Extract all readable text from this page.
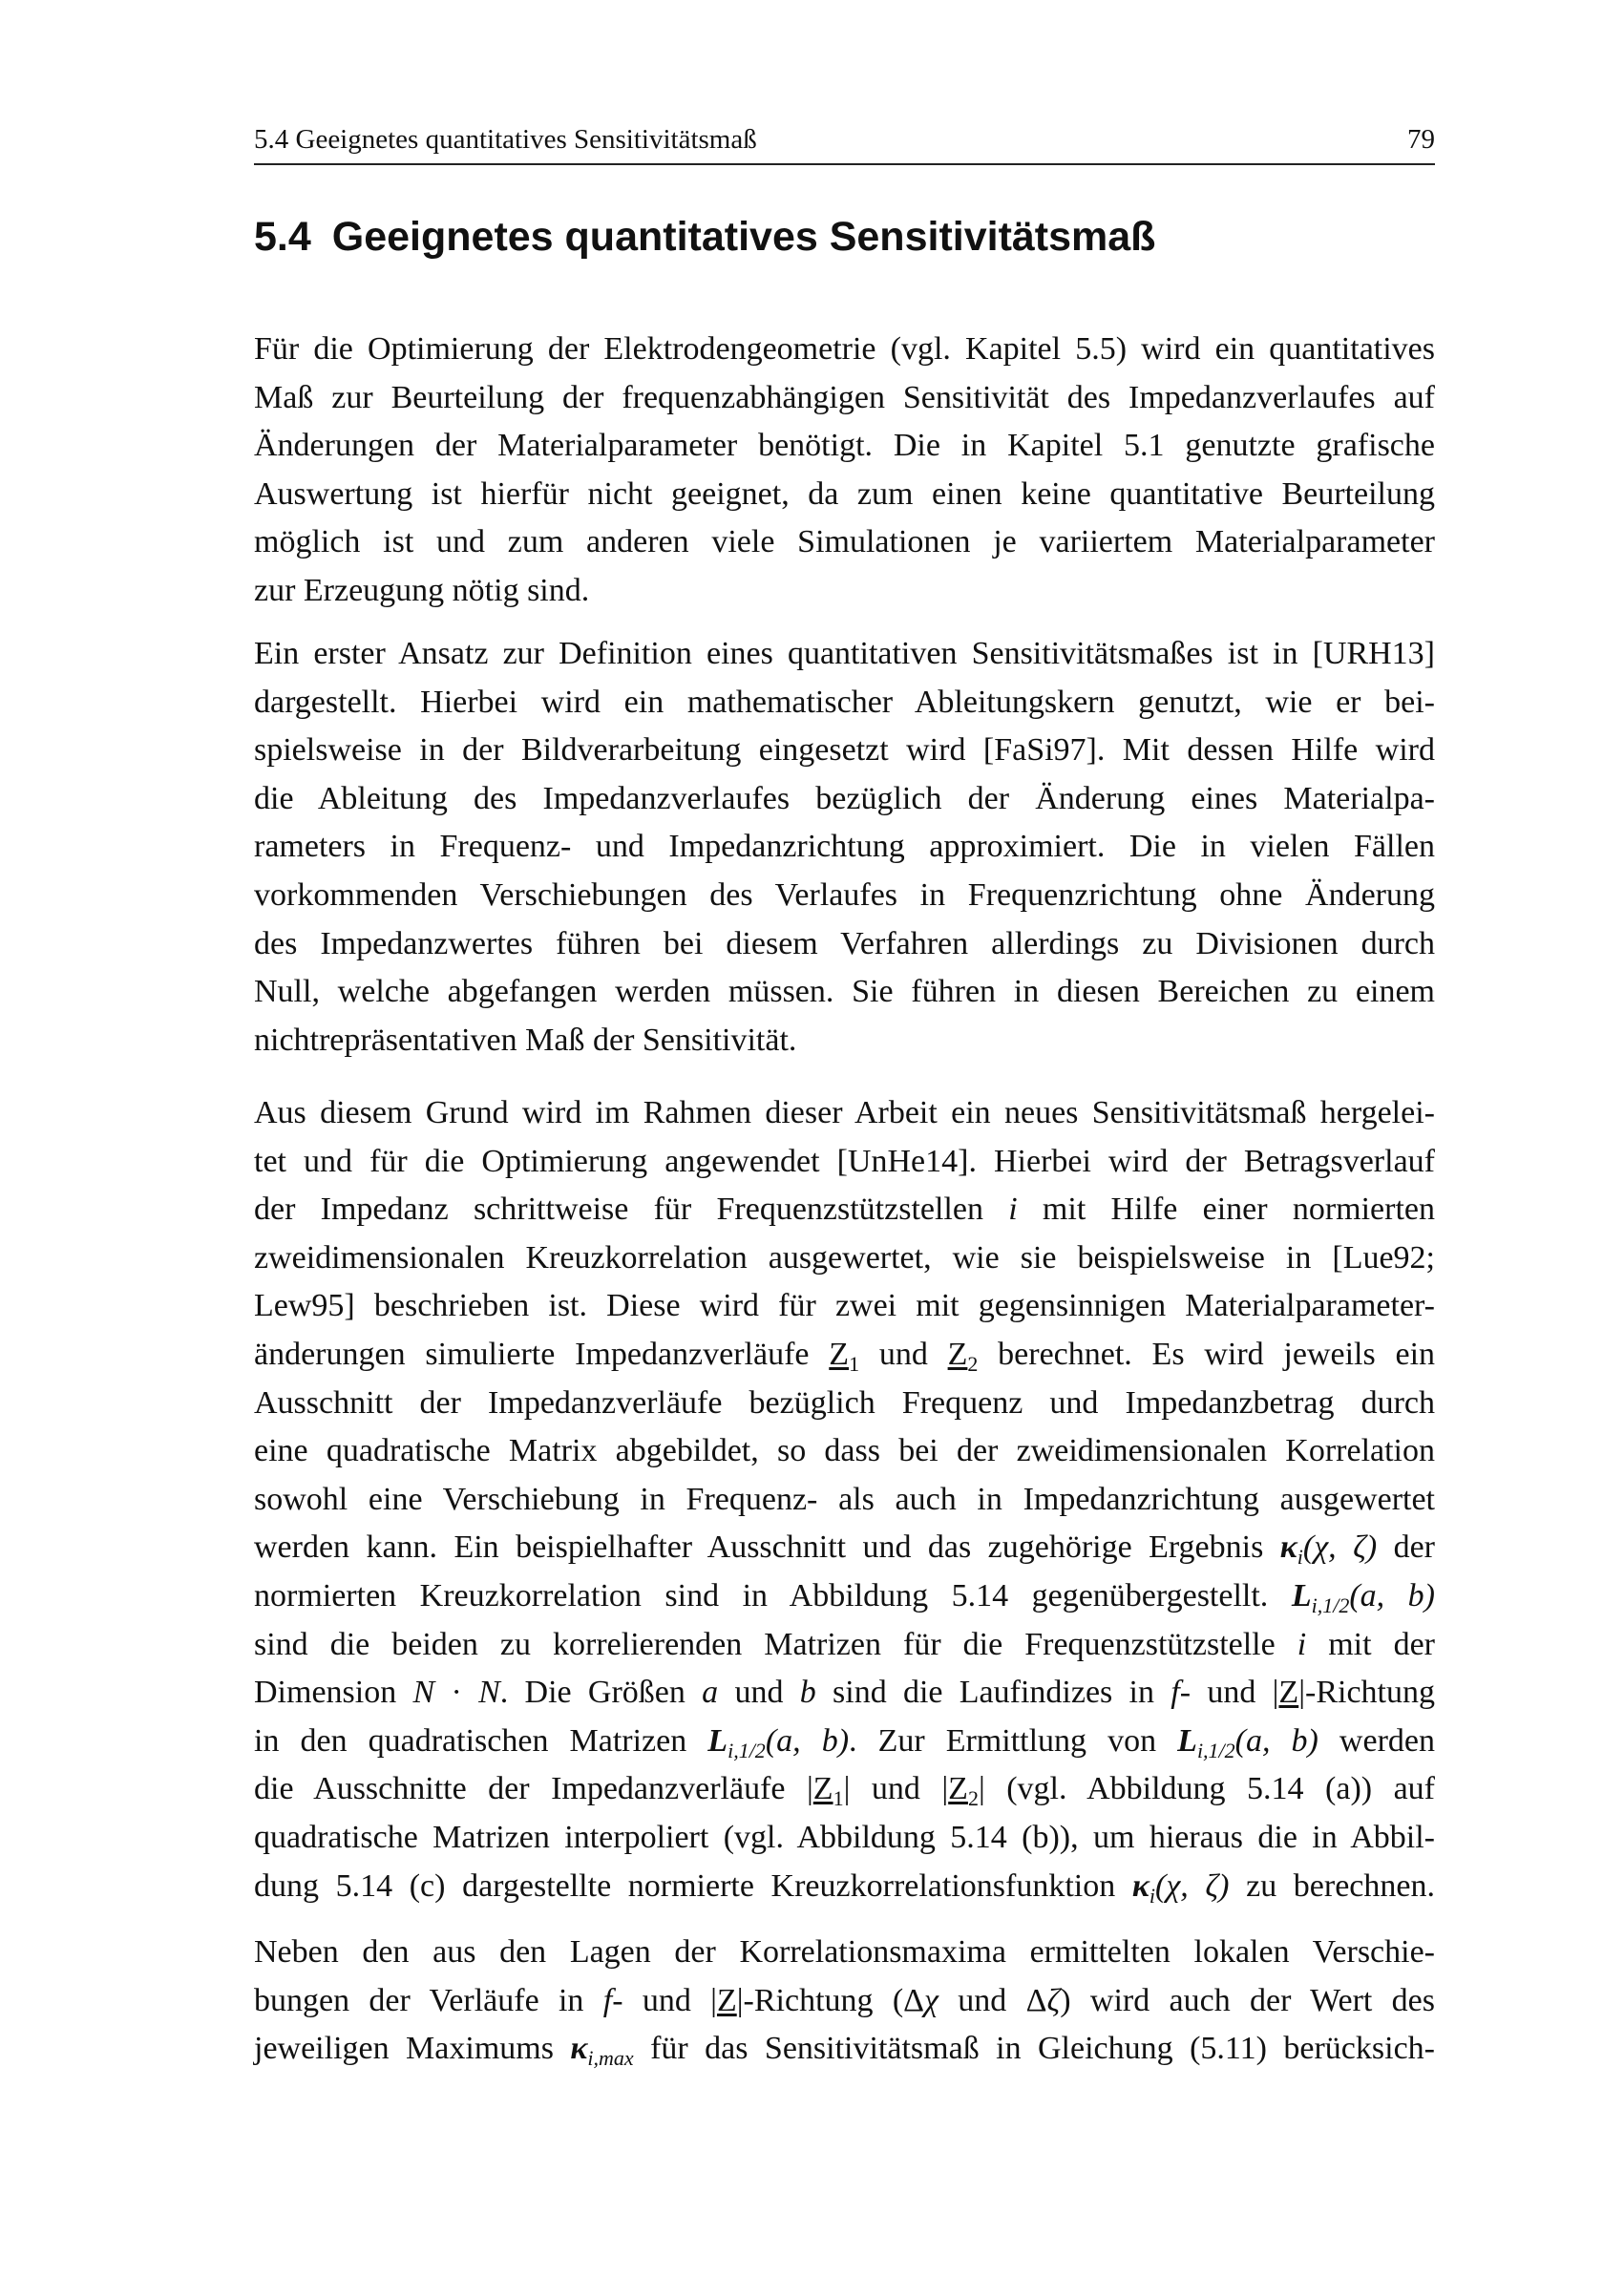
5.4 Geeignetes quantitatives Sensitivitätsmaß	79
5.4 Geeignetes quantitatives Sensitivitätsmaß
Für die Optimierung der Elektrodengeometrie (vgl. Kapitel 5.5) wird ein quantitatives
Maß zur Beurteilung der frequenzabhängigen Sensitivität des Impedanzverlaufes auf
Änderungen der Materialparameter benötigt. Die in Kapitel 5.1 genutzte grafische
Auswertung ist hierfür nicht geeignet, da zum einen keine quantitative Beurteilung
möglich ist und zum anderen viele Simulationen je variiertem Materialparameter
zur Erzeugung nötig sind.
Ein erster Ansatz zur Definition eines quantitativen Sensitivitätsmaßes ist in [URH13]
dargestellt. Hierbei wird ein mathematischer Ableitungskern genutzt, wie er bei-
spielsweise in der Bildverarbeitung eingesetzt wird [FaSi97]. Mit dessen Hilfe wird
die Ableitung des Impedanzverlaufes bezüglich der Änderung eines Materialpa-
rameters in Frequenz- und Impedanzrichtung approximiert. Die in vielen Fällen
vorkommenden Verschiebungen des Verlaufes in Frequenzrichtung ohne Änderung
des Impedanzwertes führen bei diesem Verfahren allerdings zu Divisionen durch
Null, welche abgefangen werden müssen. Sie führen in diesen Bereichen zu einem
nichtrepräsentativen Maß der Sensitivität.
Aus diesem Grund wird im Rahmen dieser Arbeit ein neues Sensitivitätsmaß hergelei-
tet und für die Optimierung angewendet [UnHe14]. Hierbei wird der Betragsverlauf
der Impedanz schrittweise für Frequenzstützstellen i mit Hilfe einer normierten
zweidimensionalen Kreuzkorrelation ausgewertet, wie sie beispielsweise in [Lue92;
Lew95] beschrieben ist. Diese wird für zwei mit gegensinnigen Materialparameter-
änderungen simulierte Impedanzverläufe $Z_1$ und $Z_2$ berechnet. Es wird jeweils ein
Ausschnitt der Impedanzverläufe bezüglich Frequenz und Impedanzbetrag durch
eine quadratische Matrix abgebildet, so dass bei der zweidimensionalen Korrelation
sowohl eine Verschiebung in Frequenz- als auch in Impedanzrichtung ausgewertet
werden kann. Ein beispielhafter Ausschnitt und das zugehörige Ergebnis $\kappa_i(\chi$, ζ) der
normierten Kreuzkorrelation sind in Abbildung 5.14 gegenübergestellt. $L_{i,1/2}(a$, b)
sind die beiden zu korrelierenden Matrizen für die Frequenzstützstelle i mit der
Dimension N · N. Die Größen a und b sind die Laufindizes in f- und |Z|-Richtung
in den quadratischen Matrizen $L_{i,1/2}(a$, b). Zur Ermittlung von $L_{i,1/2}(a$, b) werden
die Ausschnitte der Impedanzverläufe $|Z_1|$ und $|Z_2|$ (vgl. Abbildung 5.14 (a)) auf
quadratische Matrizen interpoliert (vgl. Abbildung 5.14 (b)), um hieraus die in Abbil-
dung 5.14 (c) dargestellte normierte Kreuzkorrelationsfunktion $\kappa_i(\chi$, ζ) zu berechnen.
Neben den aus den Lagen der Korrelationsmaxima ermittelten lokalen Verschie-
bungen der Verläufe in f- und |Z|-Richtung (Δχ und Δζ) wird auch der Wert des
jeweiligen Maximums $\kappa_{i,max}$ für das Sensitivitätsmaß in Gleichung (5.11) berücksich-
